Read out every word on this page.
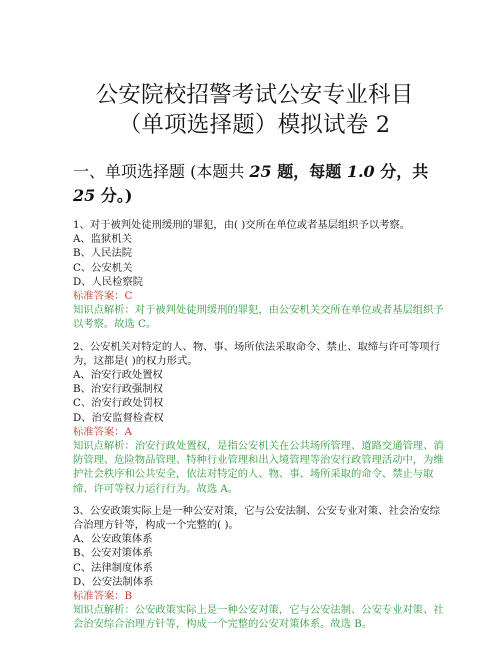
公安院校招警考试公安专业科目（单项选择题）模拟试卷 2
一、单项选择题 (本题共 25 题，每题 1.0 分，共 25 分。)

1、对于被判处徒刑缓刑的罪犯，由( )交所在单位或者基层组织予以考察。

A、监狱机关

B、人民法院

C、公安机关

D、人民检察院

标准答案：C

知识点解析：对于被判处徒刑缓刑的罪犯，由公安机关交所在单位或者基层组织予以考察。故选 C。

2、公安机关对特定的人、物、事、场所依法采取命令、禁止、取缔与许可等项行为，这都是( )的权力形式。

A、治安行政处置权

B、治安行政强制权

C、治安行政处罚权

D、治安监督检查权

标准答案：A

知识点解析：治安行政处置权，是指公安机关在公共场所管理、道路交通管理、消防管理、危险物品管理、特种行业管理和出入境管理等治安行政管理活动中，为维护社会秩序和公共安全，依法对特定的人、物、事、场所采取的命令、禁止与取缔、许可等权力运行行为。故选 A。

3、公安政策实际上是一种公安对策，它与公安法制、公安专业对策、社会治安综合治理方针等，构成一个完整的( )。

A、公安政策体系

B、公安对策体系

C、法律制度体系

D、公安法制体系

标准答案：B

知识点解析：公安政策实际上是一种公安对策，它与公安法制、公安专业对策、社会治安综合治理方针等，构成一个完整的公安对策体系。故选 B。
